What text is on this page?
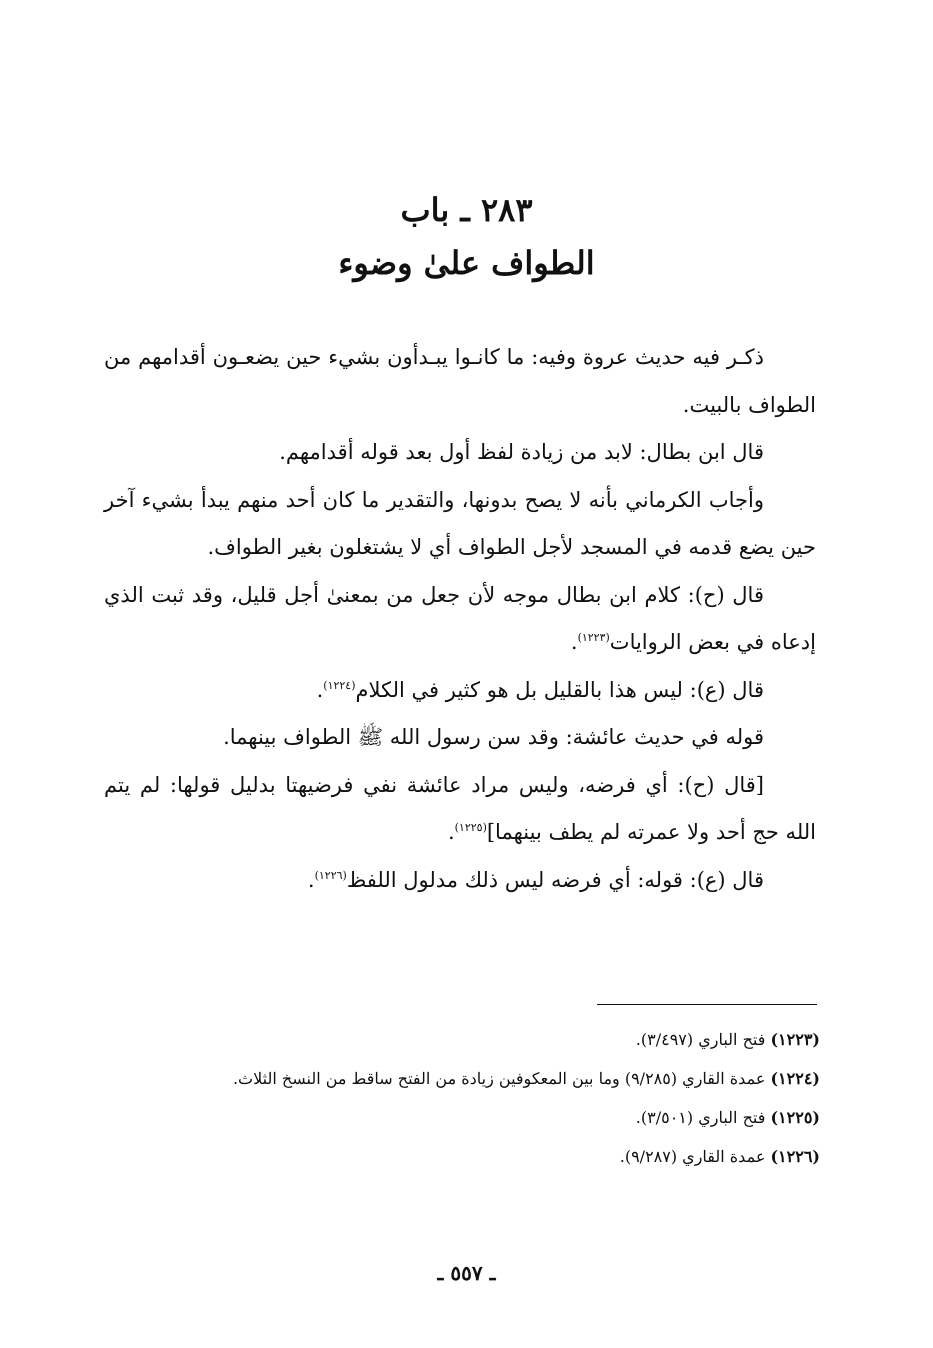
٢٨٣ ـ باب
الطواف علىٰ وضوء

ذكـر فيه حديث عروة وفيه: ما كانـوا يبـدأون بشيء حين يضعـون أقدامهم من الطواف بالبيت.

قال ابن بطال: لابد من زيادة لفظ أول بعد قوله أقدامهم.

وأجاب الكرماني بأنه لا يصح بدونها، والتقدير ما كان أحد منهم يبدأ بشيء آخر حين يضع قدمه في المسجد لأجل الطواف أي لا يشتغلون بغير الطواف.

قال (ح): كلام ابن بطال موجه لأن جعل من بمعنىٰ أجل قليل، وقد ثبت الذي إدعاه في بعض الروايات$^{(١٢٢٣)}$.

قال (ع): ليس هذا بالقليل بل هو كثير في الكلام$^{(١٢٢٤)}$.

قوله في حديث عائشة: وقد سن رسول الله ﷺ الطواف بينهما.

[قال (ح): أي فرضه، وليس مراد عائشة نفي فرضيهتا بدليل قولها: لم يتم الله حج أحد ولا عمرته لم يطف بينهما]$^{(١٢٢٥)}$.

قال (ع): قوله: أي فرضه ليس ذلك مدلول اللفظ$^{(١٢٢٦)}$.

(١٢٢٣) فتح الباري (٣/٤٩٧).

(١٢٢٤) عمدة القاري (٩/٢٨٥) وما بين المعكوفين زيادة من الفتح ساقط من النسخ الثلاث.

(١٢٢٥) فتح الباري (٣/٥٠١).

(١٢٢٦) عمدة القاري (٩/٢٨٧).

ـ ٥٥٧ ـ
